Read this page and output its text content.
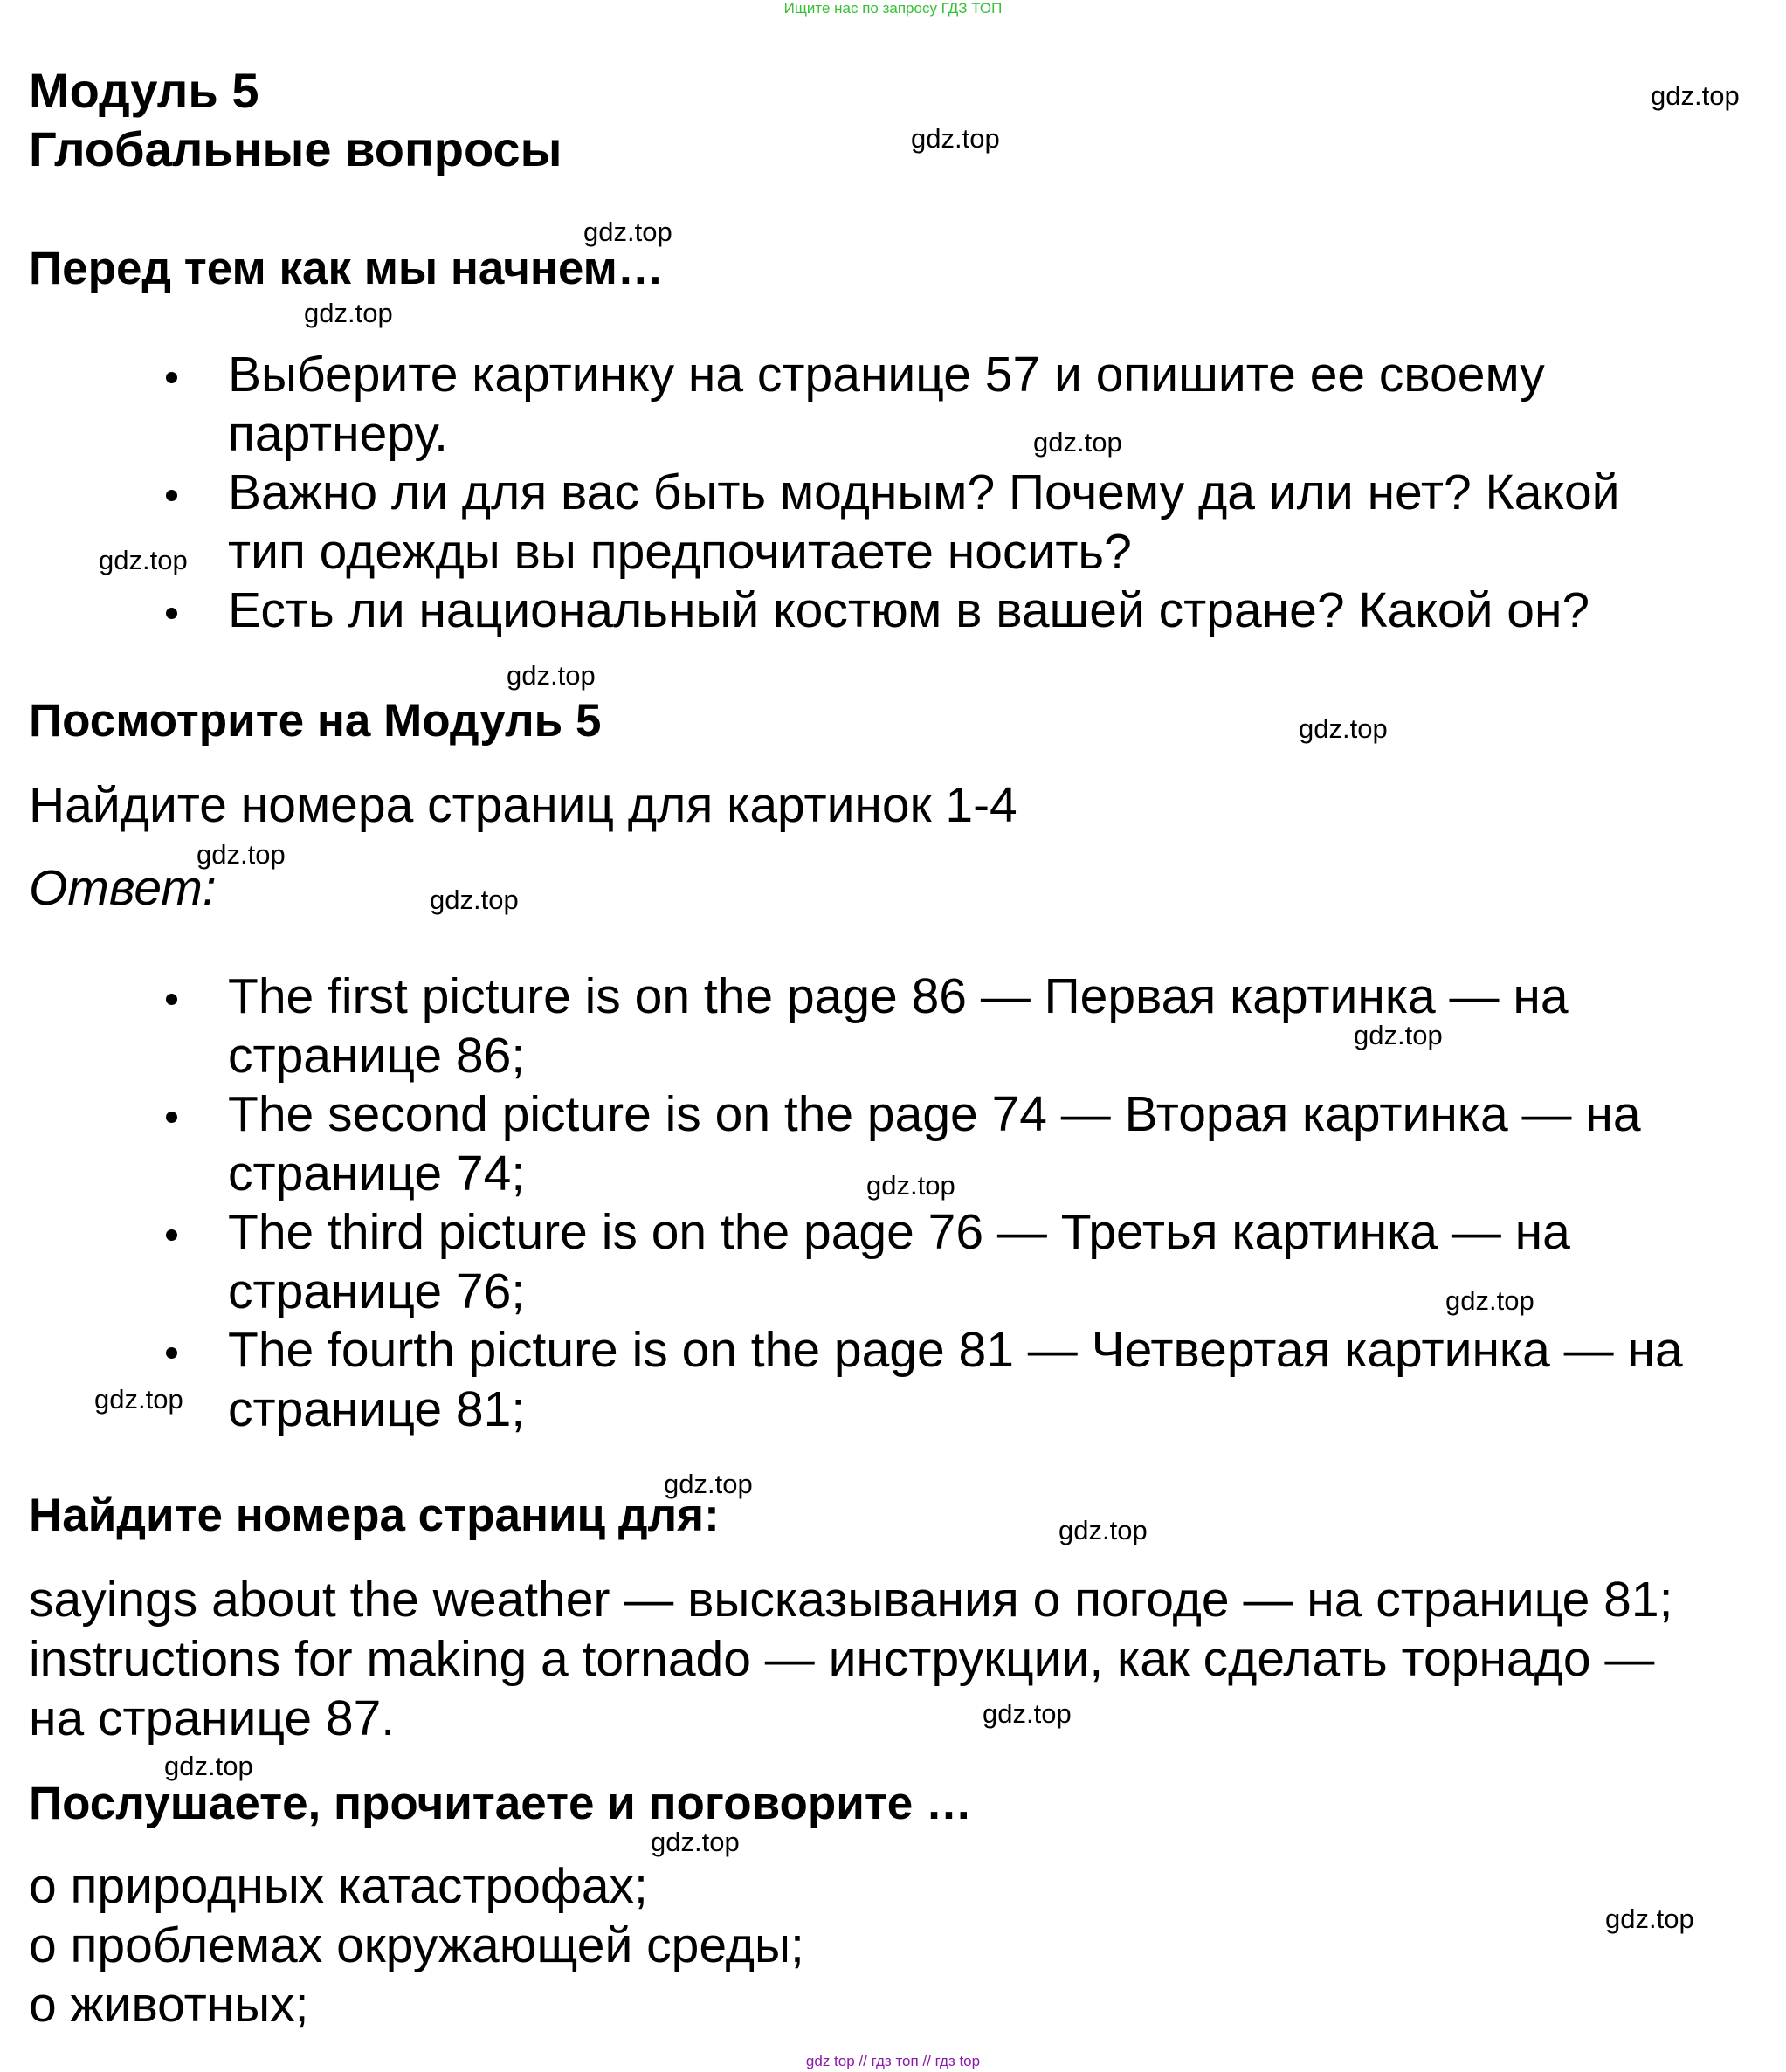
Ищите нас по запросу ГДЗ ТОП
Модуль 5
Глобальные вопросы
Перед тем как мы начнем…
Выберите картинку на странице 57 и опишите ее своему
партнеру.
Важно ли для вас быть модным? Почему да или нет? Какой
тип одежды вы предпочитаете носить?
Есть ли национальный костюм в вашей стране? Какой он?
Посмотрите на Модуль 5
Найдите номера страниц для картинок 1-4
Ответ:
The first picture is on the page 86 — Первая картинка — на
странице 86;
The second picture is on the page 74 — Вторая картинка — на
странице 74;
The third picture is on the page 76 — Третья картинка — на
странице 76;
The fourth picture is on the page 81 — Четвертая картинка — на
странице 81;
Найдите номера страниц для:
sayings about the weather — высказывания о погоде — на странице 81;
instructions for making a tornado — инструкции, как сделать торнадо —
на странице 87.
Послушаете, прочитаете и поговорите …
о природных катастрофах;
о проблемах окружающей среды;
о животных;
gdz.top
gdz.top
gdz.top
gdz.top
gdz.top
gdz.top
gdz.top
gdz.top
gdz.top
gdz.top
gdz.top
gdz.top
gdz.top
gdz.top
gdz.top
gdz.top
gdz.top
gdz.top
gdz.top
gdz.top
gdz top // гдз топ // гдз top
